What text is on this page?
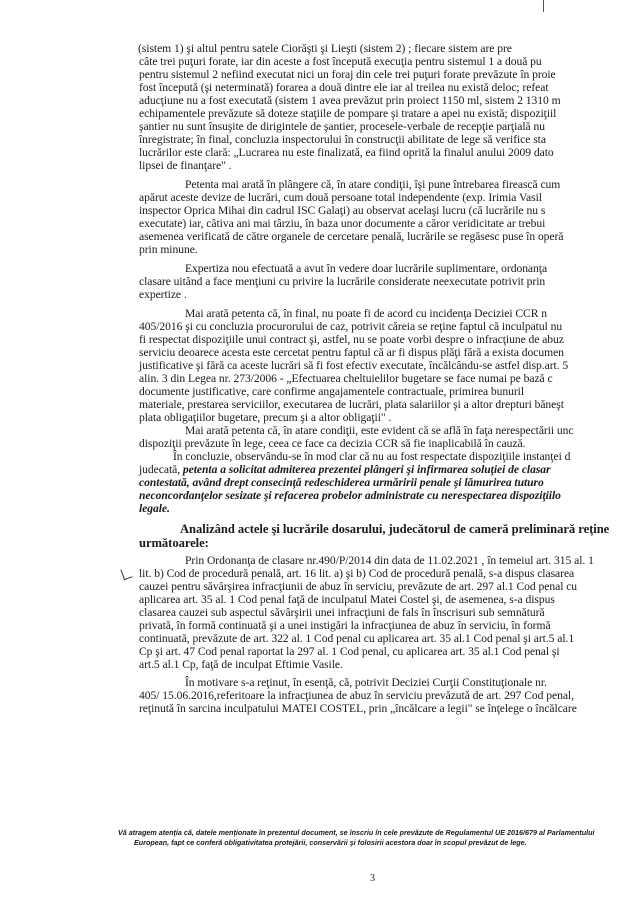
(sistem 1) şi altul pentru satele Ciorăşti şi Lieşti (sistem 2) ; fiecare sistem are pre
câte trei puţuri forate, iar din aceste a fost începută execuţia pentru sistemul 1 a două pu
pentru sistemul 2 nefiind executat nici un foraj din cele trei puţuri forate prevăzute în proie
fost începută (şi neterminată) forarea a două dintre ele iar al treilea nu există deloc; refeat
aducţiune nu a fost executată (sistem 1 avea prevăzut prin proiect 1150 ml, sistem 2 1310 m
echipamentele prevăzute să doteze staţiile de pompare şi tratare a apei nu există; dispoziţiil
şantier nu sunt însuşite de dirigintele de şantier, procesele-verbale de recepţie parţială nu
înregistrate; în final, concluzia inspectorului în construcţii abilitate de lege să verifice sta
lucrărilor este clară: „Lucrarea nu este finalizată, ea fiind oprită la finalul anului 2009 dato
lipsei de finanţare" .
Petenta mai arată în plângere că, în atare condiţii, îşi pune întrebarea firească cum
apărut aceste devize de lucrări, cum două persoane total independente (exp. Irimia Vasil
inspector Oprica Mihai din cadrul ISC Galaţi) au observat acelaşi lucru (că lucrările nu s
executate) iar, câtiva ani mai târziu, în baza unor documente a căror veridicitate ar trebui
asemenea verificată de către organele de cercetare penală, lucrările se regăsesc puse în operă
prin minune.
Expertiza nou efectuată a avut în vedere doar lucrările suplimentare, ordonanţa
clasare uitând a face menţiuni cu privire la lucrările considerate neexecutate potrivit prin
expertize .
Mai arată petenta că, în final, nu poate fi de acord cu incidenţa Deciziei CCR n
405/2016 şi cu concluzia procurorului de caz, potrivit căreia se reţine faptul că inculpatul nu
fi respectat dispoziţiile unui contract şi, astfel, nu se poate vorbi despre o infracţiune de abuz
serviciu deoarece acesta este cercetat pentru faptul că ar fi dispus plăţi fără a exista documen
justificative şi fără ca aceste lucrări să fi fost efectiv executate, încălcându-se astfel disp.art. 5
alin. 3 din Legea nr. 273/2006 - „Efectuarea cheltuielilor bugetare se face numai pe bază c
documente justificative, care confirme angajamentele contractuale, primirea bunuril
materiale, prestarea serviciilor, executarea de lucrări, plata salariilor şi a altor drepturi băneşt
plata obligaţiilor bugetare, precum şi a altor obligaţii" .
Mai arată petenta că, în atare condiţii, este evident că se află în faţa nerespectării unc
dispoziţii prevăzute în lege, ceea ce face ca decizia CCR să fie inaplicabilă în cauză.
În concluzie, observându-se în mod clar că nu au fost respectate dispoziţiile instanţei d
judecată, petenta a solicitat admiterea prezentei plângeri şi infirmarea soluţiei de clasar
contestată, având drept consecinţă redeschiderea urmăririi penale şi lămurirea tuturo
neconcordanţelor sesizate şi refacerea probelor administrate cu nerespectarea dispoziţiilo
legale.
Analizând actele şi lucrările dosarului, judecătorul de cameră preliminară reţine
următoarele:
Prin Ordonanţa de clasare nr.490/P/2014 din data de 11.02.2021 , în temeiul art. 315 al. 1
lit. b) Cod de procedură penală, art. 16 lit. a) şi b) Cod de procedură penală, s-a dispus clasarea
cauzei pentru săvârşirea infracţiunii de abuz în serviciu, prevăzute de art. 297 al.1 Cod penal cu
aplicarea art. 35 al. 1 Cod penal faţă de inculpatul Matei Costel şi, de asemenea, s-a dispus
clasarea cauzei sub aspectul săvârşirii unei infracţiuni de fals în înscrisuri sub semnătură
privată, în formă continuată şi a unei instigări la infracţiunea de abuz în serviciu, în formă
continuată, prevăzute de art. 322 al. 1 Cod penal cu aplicarea art. 35 al.1 Cod penal şi art.5 al.1
Cp şi art. 47 Cod penal raportat la 297 al. 1 Cod penal, cu aplicarea art. 35 al.1 Cod penal şi
art.5 al.1 Cp, faţă de inculpat Eftimie Vasile.
În motivare s-a reţinut, în esenţă, că, potrivit Deciziei Curţii Constituţionale nr.
405/ 15.06.2016,referitoare la infracţiunea de abuz în serviciu prevăzută de art. 297 Cod penal,
reţinută în sarcina inculpatului MATEI COSTEL, prin „încălcare a legii" se înţelege o încălcare
Vă atragem atenţia că, datele menţionate în prezentul document, se înscriu în cele prevăzute de Regulamentul UE 2016/679 al Parlamentului
European, fapt ce conferă obligativitatea protejării, conservării şi folosirii acestora doar în scopul prevăzut de lege.
3
